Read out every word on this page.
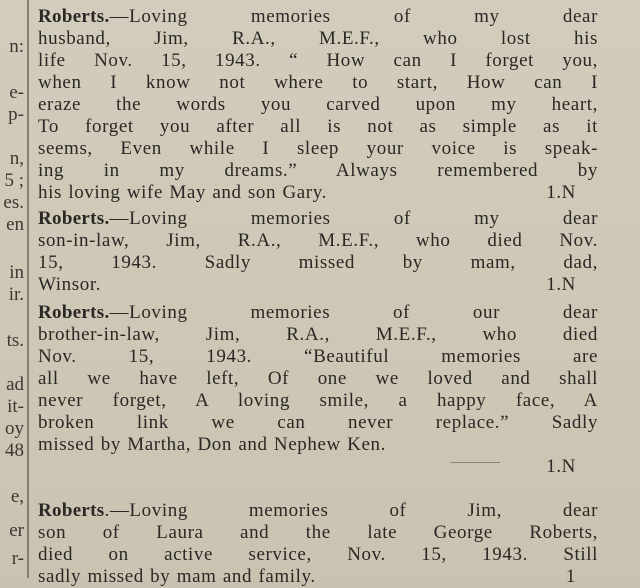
n:
e-
p-
n,
5 ;
es.
en
in
ir.
ts.
ad
it-
oy
48
e,
er
r-
Roberts.—Loving memories of my dear
husband, Jim, R.A., M.E.F., who lost his
life Nov. 15, 1943. “ How can I forget you,
when I know not where to start, How can I
eraze the words you carved upon my heart,
To forget you after all is not as simple as it
seems, Even while I sleep your voice is speak-
ing in my dreams.” Always remembered by
his loving wife May and son Gary.	1.N
Roberts.—Loving memories of my dear
son-in-law, Jim, R.A., M.E.F., who died Nov.
15, 1943. Sadly missed by mam, dad,
Winsor.	1.N
Roberts.—Loving memories of our dear
brother-in-law, Jim, R.A., M.E.F., who died
Nov. 15, 1943. “Beautiful memories are
all we have left, Of one we loved and shall
never forget, A loving smile, a happy face, A
broken link we can never replace.” Sadly
missed by Martha, Don and Nephew Ken.
1.N
Roberts.—Loving memories of Jim, dear
son of Laura and the late George Roberts,
died on active service, Nov. 15, 1943. Still
sadly missed by mam and family.	1
